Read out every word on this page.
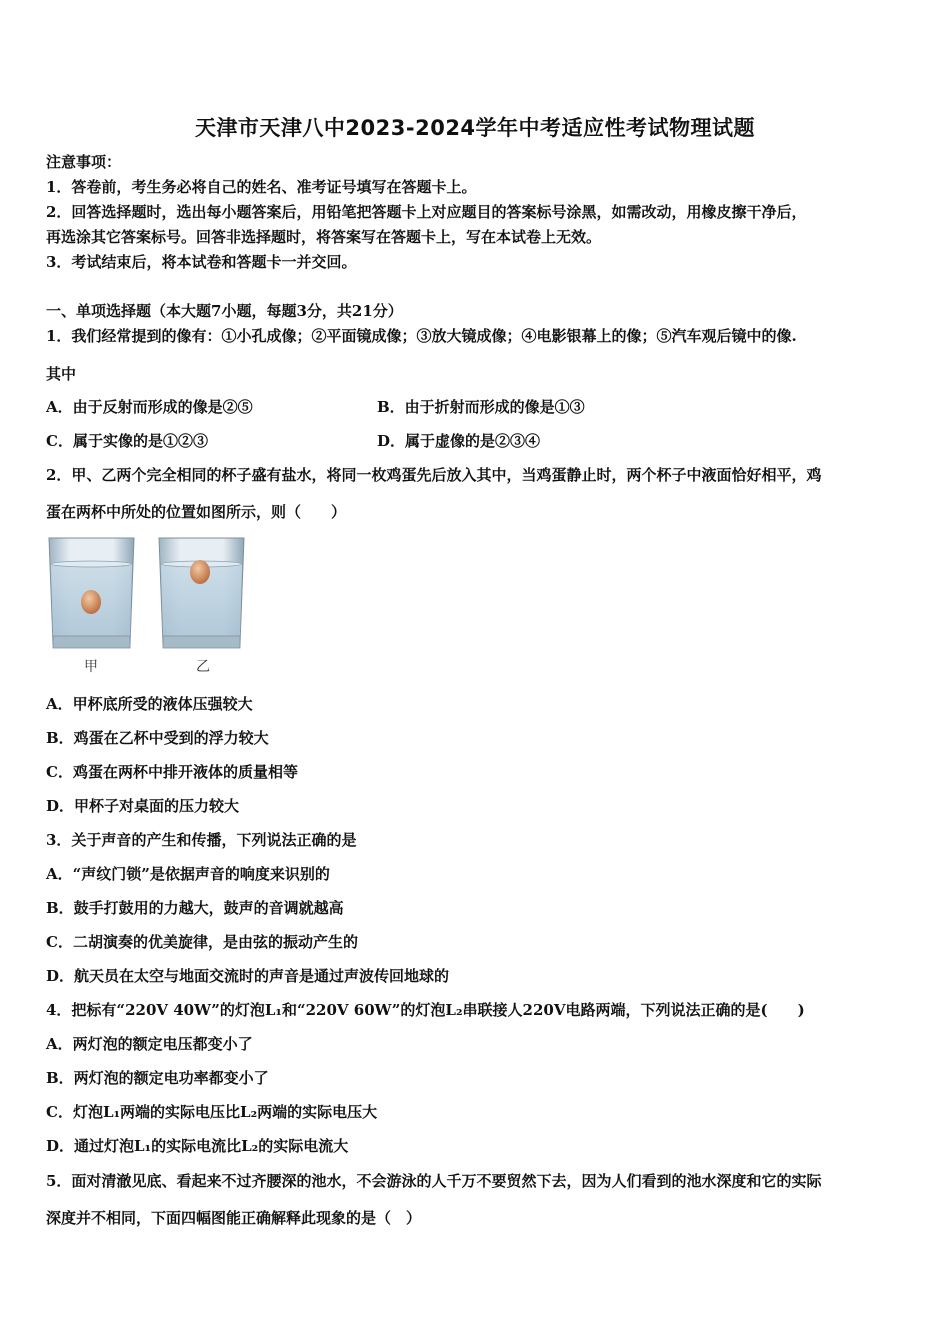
天津市天津八中2023-2024学年中考适应性考试物理试题
注意事项：
1．答卷前，考生务必将自己的姓名、准考证号填写在答题卡上。
2．回答选择题时，选出每小题答案后，用铅笔把答题卡上对应题目的答案标号涂黑，如需改动，用橡皮擦干净后，
再选涂其它答案标号。回答非选择题时，将答案写在答题卡上，写在本试卷上无效。
3．考试结束后，将本试卷和答题卡一并交回。
一、单项选择题（本大题7小题，每题3分，共21分）
1．我们经常提到的像有：①小孔成像；②平面镜成像；③放大镜成像；④电影银幕上的像；⑤汽车观后镜中的像.
其中
A．由于反射而形成的像是②⑤	B．由于折射而形成的像是①③
C．属于实像的是①②③	D．属于虚像的是②③④
2．甲、乙两个完全相同的杯子盛有盐水，将同一枚鸡蛋先后放入其中，当鸡蛋静止时，两个杯子中液面恰好相平，鸡
蛋在两杯中所处的位置如图所示，则（　　）
甲	乙
A．甲杯底所受的液体压强较大
B．鸡蛋在乙杯中受到的浮力较大
C．鸡蛋在两杯中排开液体的质量相等
D．甲杯子对桌面的压力较大
3．关于声音的产生和传播，下列说法正确的是
A．“声纹门锁”是依据声音的响度来识别的
B．鼓手打鼓用的力越大，鼓声的音调就越高
C．二胡演奏的优美旋律，是由弦的振动产生的
D．航天员在太空与地面交流时的声音是通过声波传回地球的
4．把标有“220V 40W”的灯泡L₁和“220V 60W”的灯泡L₂串联接人220V电路两端，下列说法正确的是(　　)
A．两灯泡的额定电压都变小了
B．两灯泡的额定电功率都变小了
C．灯泡L₁两端的实际电压比L₂两端的实际电压大
D．通过灯泡L₁的实际电流比L₂的实际电流大
5．面对清澈见底、看起来不过齐腰深的池水，不会游泳的人千万不要贸然下去，因为人们看到的池水深度和它的实际
深度并不相同，下面四幅图能正确解释此现象的是（　）
